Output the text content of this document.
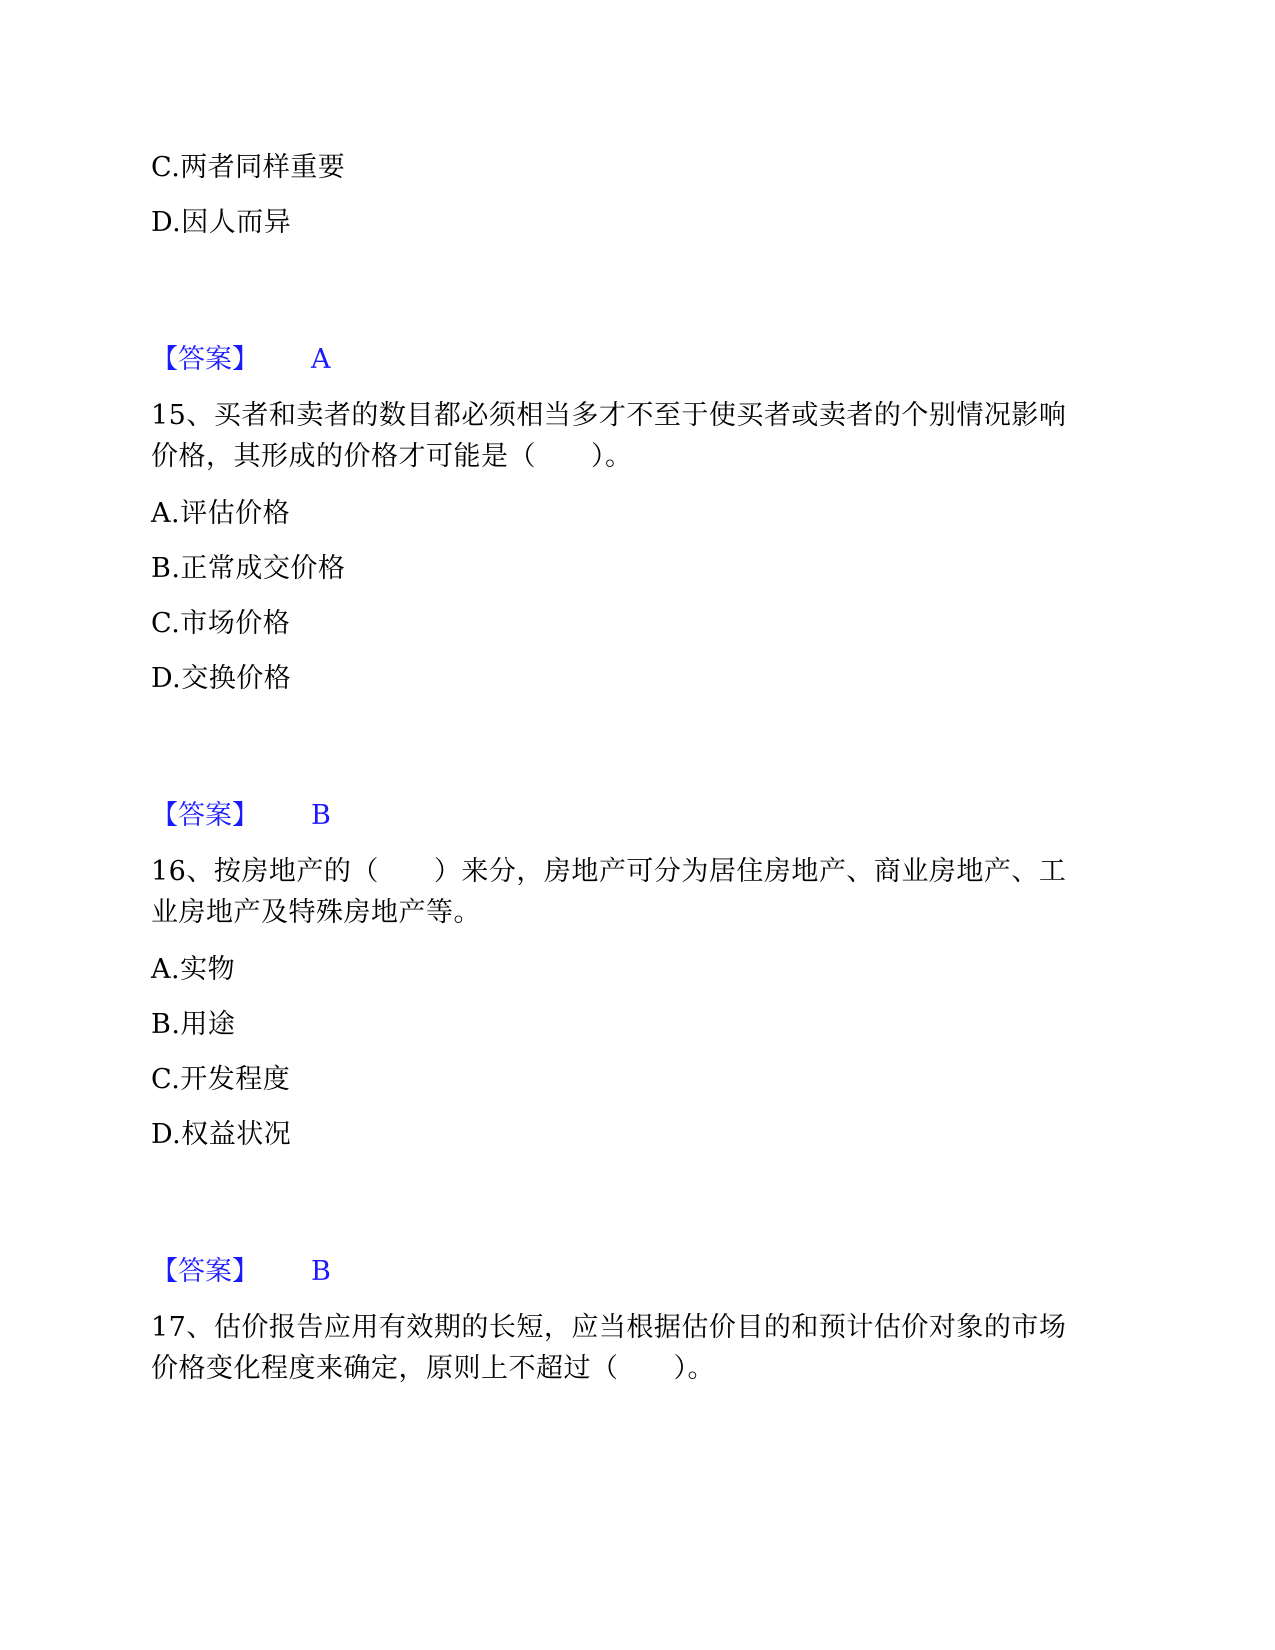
C.两者同样重要
D.因人而异
【答案】 A
15、买者和卖者的数目都必须相当多才不至于使买者或卖者的个别情况影响
价格，其形成的价格才可能是（　　）。
A.评估价格
B.正常成交价格
C.市场价格
D.交换价格
【答案】 B
16、按房地产的（　　）来分，房地产可分为居住房地产、商业房地产、工
业房地产及特殊房地产等。
A.实物
B.用途
C.开发程度
D.权益状况
【答案】 B
17、估价报告应用有效期的长短，应当根据估价目的和预计估价对象的市场
价格变化程度来确定，原则上不超过（　　）。
